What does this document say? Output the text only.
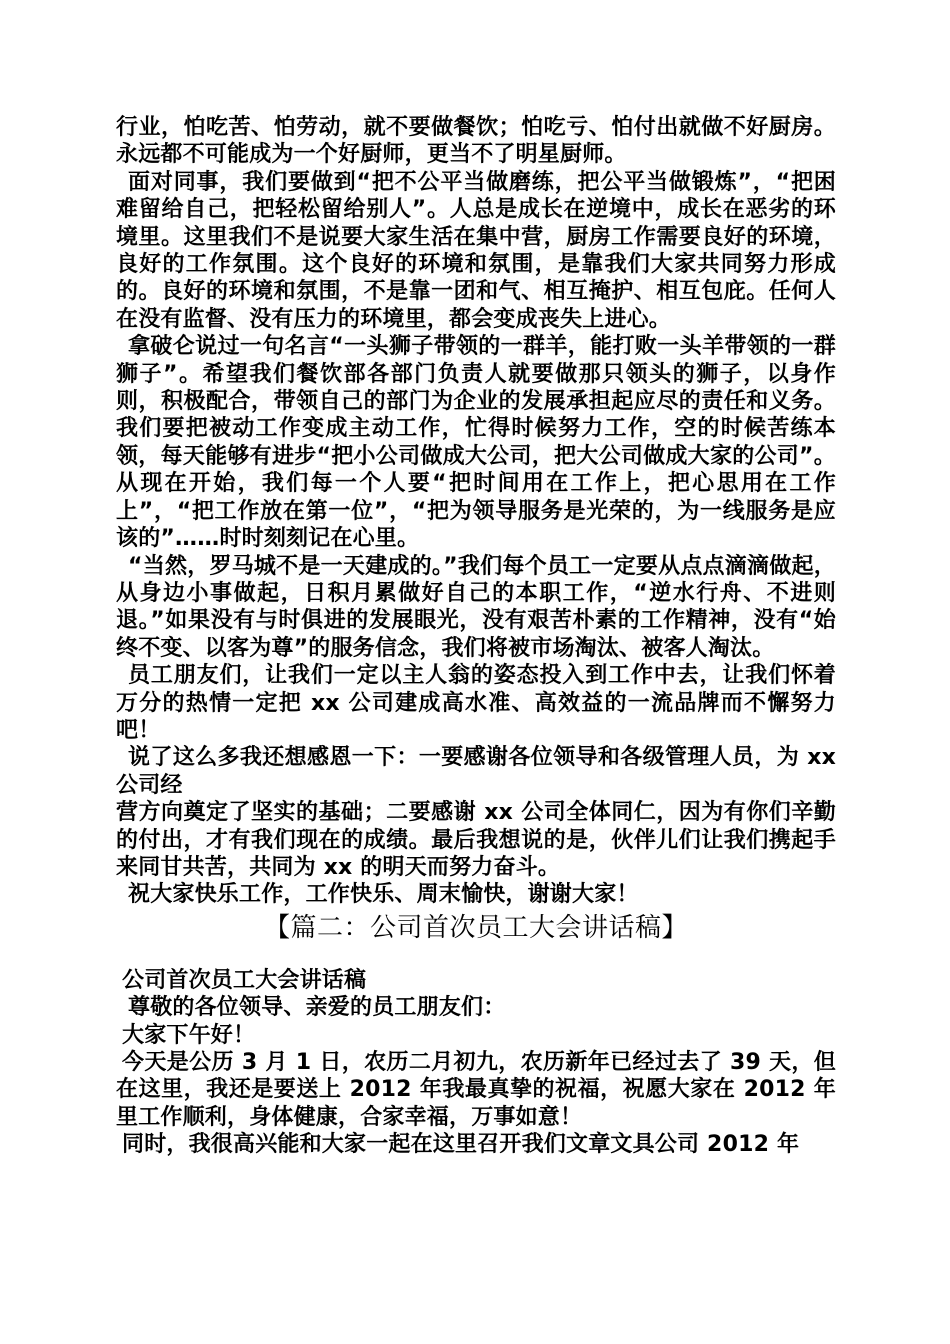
行业，怕吃苦、怕劳动，就不要做餐饮；怕吃亏、怕付出就做不好厨房。永远都不可能成为一个好厨师，更当不了明星厨师。

面对同事，我们要做到“把不公平当做磨练，把公平当做锻炼”，“把困难留给自己，把轻松留给别人”。人总是成长在逆境中，成长在恶劣的环境里。这里我们不是说要大家生活在集中营，厨房工作需要良好的环境，良好的工作氛围。这个良好的环境和氛围，是靠我们大家共同努力形成的。良好的环境和氛围，不是靠一团和气、相互掩护、相互包庇。任何人在没有监督、没有压力的环境里，都会变成丧失上进心。

拿破仑说过一句名言“一头狮子带领的一群羊，能打败一头羊带领的一群狮子”。希望我们餐饮部各部门负责人就要做那只领头的狮子，以身作则，积极配合，带领自己的部门为企业的发展承担起应尽的责任和义务。我们要把被动工作变成主动工作，忙得时候努力工作，空的时候苦练本领，每天能够有进步“把小公司做成大公司，把大公司做成大家的公司”。从现在开始，我们每一个人要“把时间用在工作上，把心思用在工作上”，“把工作放在第一位”，“把为领导服务是光荣的，为一线服务是应该的”……时时刻刻记在心里。

“当然，罗马城不是一天建成的。”我们每个员工一定要从点点滴滴做起，从身边小事做起，日积月累做好自己的本职工作，“逆水行舟、不进则退。”如果没有与时俱进的发展眼光，没有艰苦朴素的工作精神，没有“始终不变、以客为尊”的服务信念，我们将被市场淘汰、被客人淘汰。

员工朋友们，让我们一定以主人翁的姿态投入到工作中去，让我们怀着万分的热情一定把 xx 公司建成高水准、高效益的一流品牌而不懈努力吧！

说了这么多我还想感恩一下：一要感谢各位领导和各级管理人员，为 xx 公司经

营方向奠定了坚实的基础；二要感谢 xx 公司全体同仁，因为有你们辛勤的付出，才有我们现在的成绩。最后我想说的是，伙伴儿们让我们携起手来同甘共苦，共同为 xx 的明天而努力奋斗。

祝大家快乐工作，工作快乐、周末愉快，谢谢大家！

【篇二：公司首次员工大会讲话稿】

公司首次员工大会讲话稿

尊敬的各位领导、亲爱的员工朋友们：

大家下午好！

今天是公历 3 月 1 日，农历二月初九，农历新年已经过去了 39 天，但在这里，我还是要送上 2012 年我最真挚的祝福，祝愿大家在 2012 年里工作顺利，身体健康，合家幸福，万事如意！

同时，我很高兴能和大家一起在这里召开我们文章文具公司 2012 年
